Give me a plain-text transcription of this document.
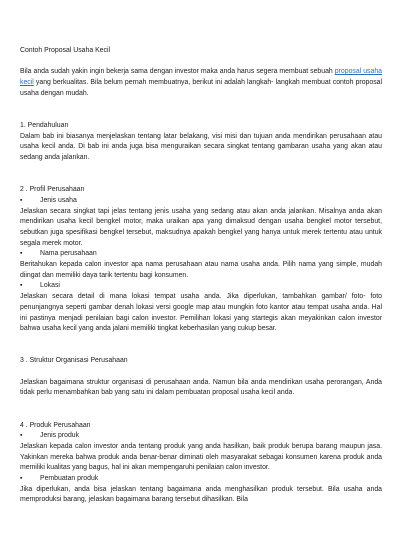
Contoh Proposal Usaha Kecil

Bila anda sudah yakin ingin bekerja sama dengan investor maka anda harus segera membuat sebuah proposal usaha kecil yang berkualitas. Bila belum pernah membuatnya, berikut ini adalah langkah- langkah membuat contoh proposal usaha dengan mudah.

1. Pendahuluan

Dalam bab ini biasanya menjelaskan tentang latar belakang, visi misi dan tujuan anda mendirikan perusahaan atau usaha kecil anda. Di bab ini anda juga bisa menguraikan secara singkat tentang gambaran usaha yang akan atau sedang anda jalankan.

2 . Profil Perusahaan

▪	Jenis usaha

Jelaskan secara singkat tapi jelas tentang jenis usaha yang sedang atau akan anda jalankan. Misalnya anda akan mendirikan usaha kecil bengkel motor, maka uraikan apa yang dimaksud dengan usaha bengkel motor tersebut, sebutkan juga spesifikasi bengkel tersebut, maksudnya apakah bengkel yang hanya untuk merek tertentu atau untuk segala merek motor.

▪	Nama perusahaan

Beritahukan kepada calon investor apa nama perusahaan atau nama usaha anda. Pilih nama yang simple, mudah diingat dan memiliki daya tarik tertentu bagi konsumen.

▪	Lokasi

Jelaskan secara detail di mana lokasi tempat usaha anda. Jika diperlukan, tambahkan gambar/ foto- foto penunjangnya seperti gambar denah lokasi versi google map atau mungkin foto kantor atau tempat usaha anda. Hal ini pastinya menjadi penilaian bagi calon investor. Pemilihan lokasi yang startegis akan meyakinkan calon investor bahwa usaha kecil yang anda jalani memiliki tingkat keberhasilan yang cukup besar.

3 . Struktur Organisasi Perusahaan

Jelaskan bagaimana struktur organisasi di perusahaan anda. Namun bila anda mendirikan usaha perorangan, Anda tidak perlu menambahkan bab yang satu ini dalam pembuatan proposal usaha kecil anda.

4 . Produk Perusahaan

▪	Jenis produk

Jelaskan kepada calon investor anda tentang produk yang anda hasilkan, baik produk berupa barang maupun jasa. Yakinkan mereka bahwa produk anda benar-benar diminati oleh masyarakat sebagai konsumen karena produk anda memiliki kualitas yang bagus, hal ini akan mempengaruhi penilaian calon investor.

▪	Pembuatan produk

Jika diperlukan, anda bisa jelaskan tentang bagaimana anda menghasilkan produk tersebut. Bila usaha anda memproduksi barang, jelaskan bagaimana barang tersebut dihasilkan. Bila
